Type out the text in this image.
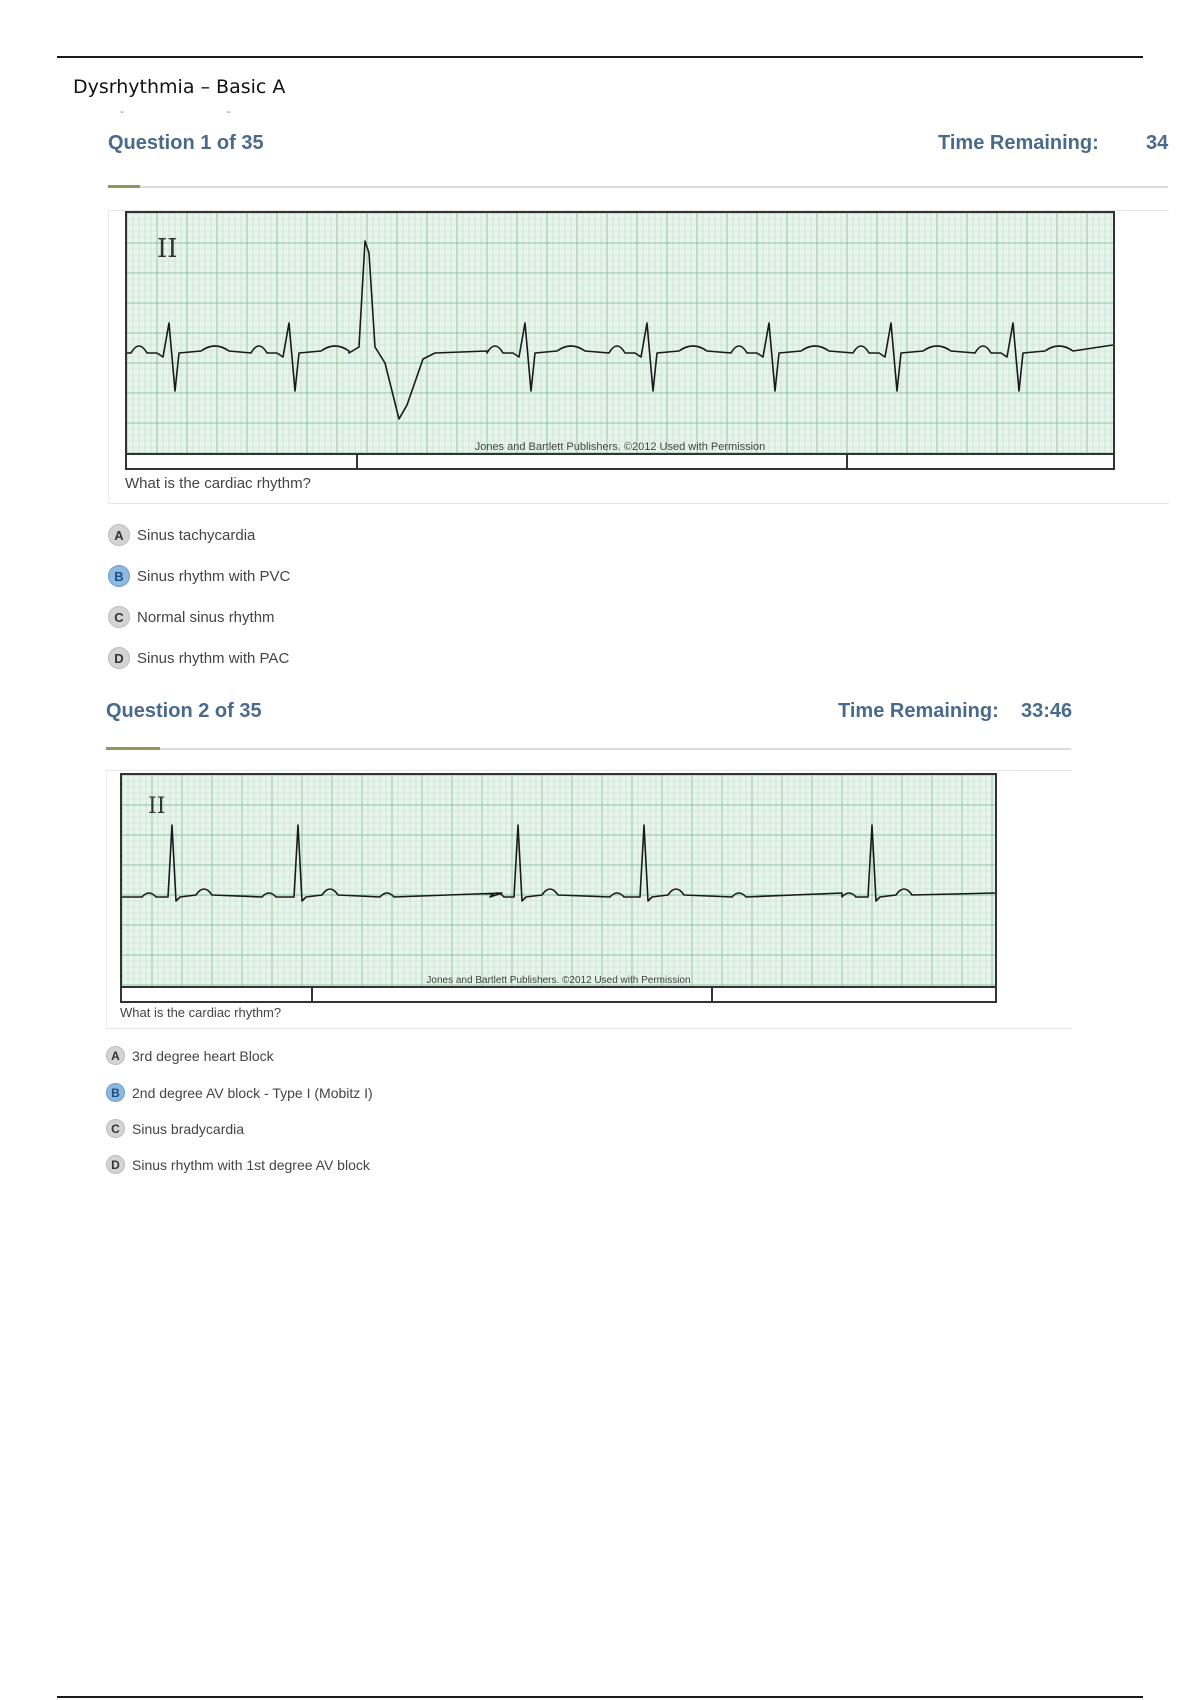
Dysrhythmia – Basic A
- -
Question 1 of 35	Time Remaining: 34
II
Jones and Bartlett Publishers. ©2012 Used with Permission
What is the cardiac rhythm?
A Sinus tachycardia
B Sinus rhythm with PVC
C Normal sinus rhythm
D Sinus rhythm with PAC
Question 2 of 35	Time Remaining: 33:46
II
Jones and Bartlett Publishers. ©2012 Used with Permission
What is the cardiac rhythm?
A 3rd degree heart Block
B 2nd degree AV block - Type I (Mobitz I)
C Sinus bradycardia
D Sinus rhythm with 1st degree AV block
